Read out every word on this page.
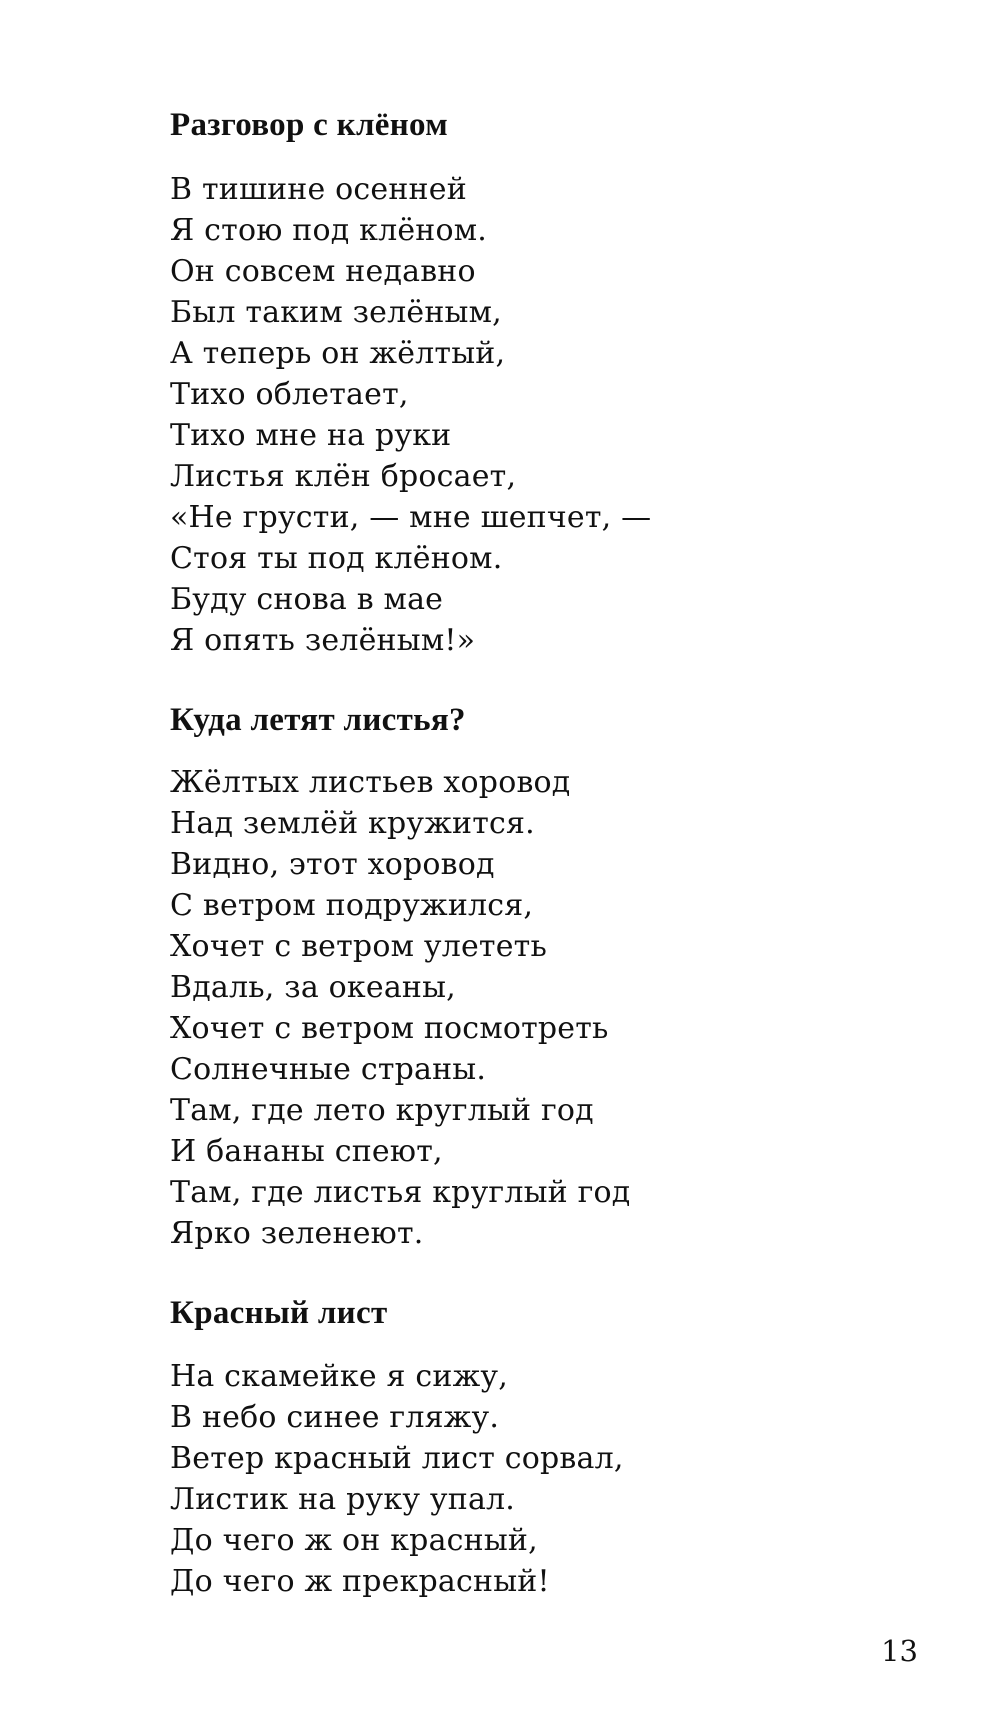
Разговор с клёном
В тишине осенней
Я стою под клёном.
Он совсем недавно
Был таким зелёным,
А теперь он жёлтый,
Тихо облетает,
Тихо мне на руки
Листья клён бросает,
«Не грусти, — мне шепчет, —
Стоя ты под клёном.
Буду снова в мае
Я опять зелёным!»
Куда летят листья?
Жёлтых листьев хоровод
Над землёй кружится.
Видно, этот хоровод
С ветром подружился,
Хочет с ветром улететь
Вдаль, за океаны,
Хочет с ветром посмотреть
Солнечные страны.
Там, где лето круглый год
И бананы спеют,
Там, где листья круглый год
Ярко зеленеют.
Красный лист
На скамейке я сижу,
В небо синее гляжу.
Ветер красный лист сорвал,
Листик на руку упал.
До чего ж он красный,
До чего ж прекрасный!
13
